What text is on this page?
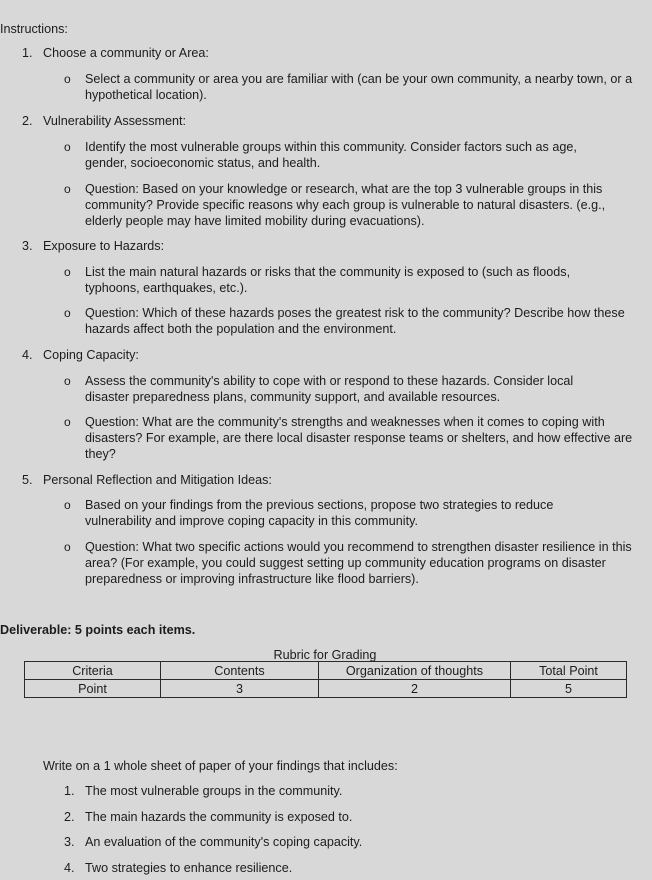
Instructions:
1. Choose a community or Area:
o Select a community or area you are familiar with (can be your own community, a nearby town, or a hypothetical location).
2. Vulnerability Assessment:
o Identify the most vulnerable groups within this community. Consider factors such as age, gender, socioeconomic status, and health.
o Question: Based on your knowledge or research, what are the top 3 vulnerable groups in this community? Provide specific reasons why each group is vulnerable to natural disasters. (e.g., elderly people may have limited mobility during evacuations).
3. Exposure to Hazards:
o List the main natural hazards or risks that the community is exposed to (such as floods, typhoons, earthquakes, etc.).
o Question: Which of these hazards poses the greatest risk to the community? Describe how these hazards affect both the population and the environment.
4. Coping Capacity:
o Assess the community's ability to cope with or respond to these hazards. Consider local disaster preparedness plans, community support, and available resources.
o Question: What are the community's strengths and weaknesses when it comes to coping with disasters? For example, are there local disaster response teams or shelters, and how effective are they?
5. Personal Reflection and Mitigation Ideas:
o Based on your findings from the previous sections, propose two strategies to reduce vulnerability and improve coping capacity in this community.
o Question: What two specific actions would you recommend to strengthen disaster resilience in this area? (For example, you could suggest setting up community education programs on disaster preparedness or improving infrastructure like flood barriers).
Deliverable: 5 points each items.
Rubric for Grading
Criteria	Contents	Organization of thoughts	Total Point
Point	3	2	5
Write on a 1 whole sheet of paper of your findings that includes:
1. The most vulnerable groups in the community.
2. The main hazards the community is exposed to.
3. An evaluation of the community's coping capacity.
4. Two strategies to enhance resilience.
